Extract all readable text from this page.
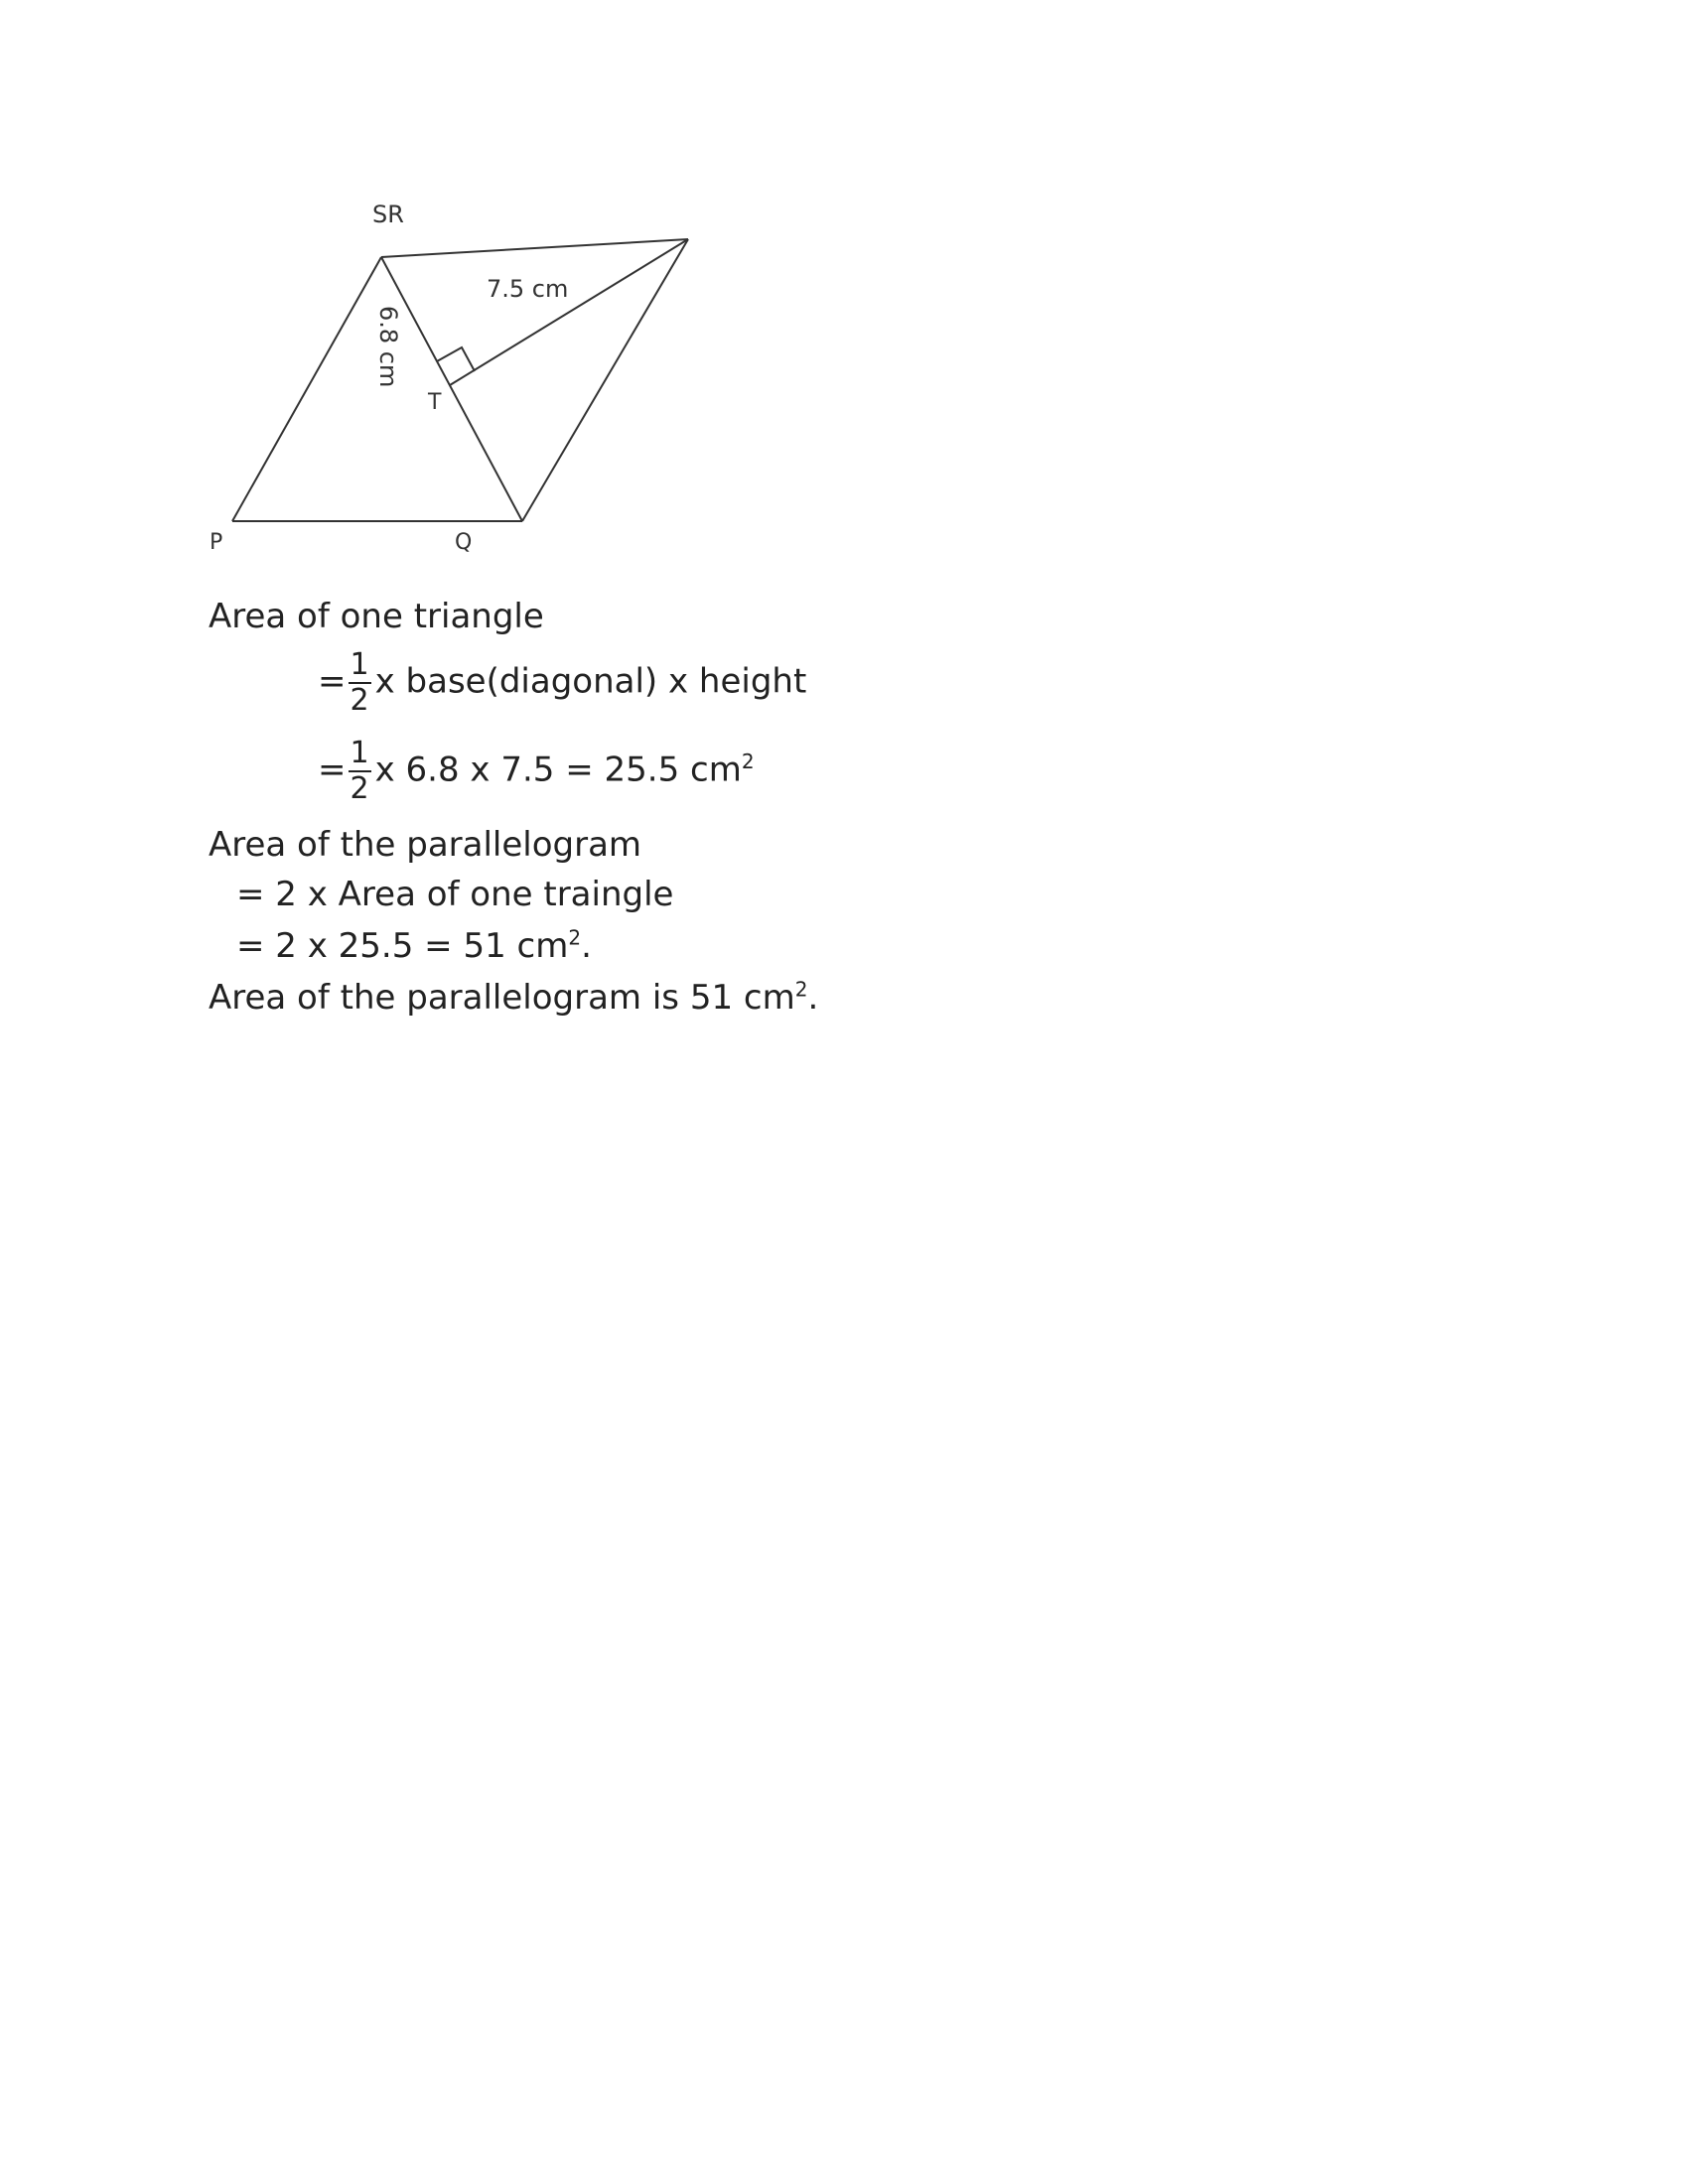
SR
7.5 cm
6.8 cm
T
P	Q
Area of one triangle
= $\frac{1}{2}$ x base(diagonal) x height
= $\frac{1}{2}$ x 6.8 x 7.5 = 25.5 $cm^2$
Area of the parallelogram
= 2 x Area of one traingle
= 2 x 25.5 = 51 $cm^2$.
Area of the parallelogram is 51 $cm^2$.
